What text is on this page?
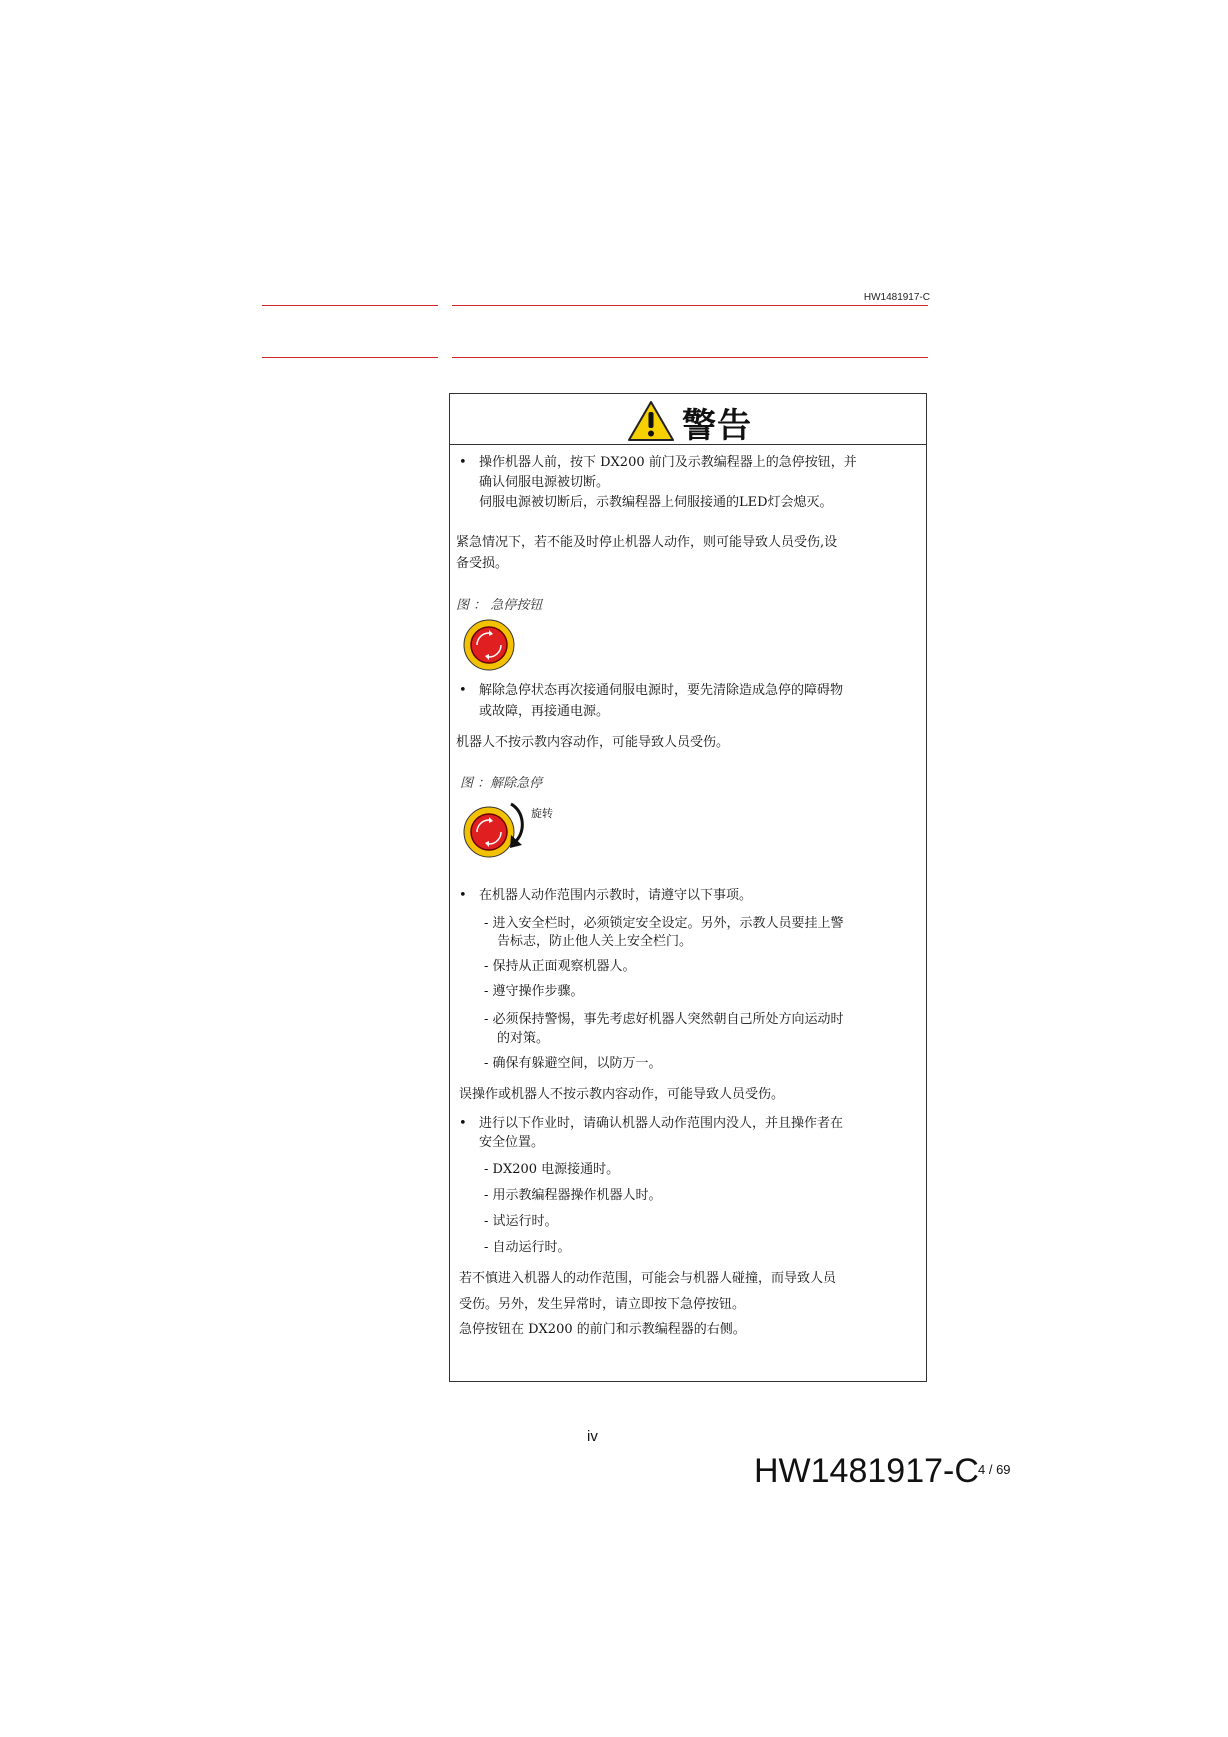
HW1481917-C
警告
• 操作机器人前，按下 DX200 前门及示教编程器上的急停按钮，并
确认伺服电源被切断。
伺服电源被切断后，示教编程器上伺服接通的LED灯会熄灭。
紧急情况下，若不能及时停止机器人动作，则可能导致人员受伤,设
备受损。
图 ： 急停按钮
• 解除急停状态再次接通伺服电源时，要先清除造成急停的障碍物
或故障，再接通电源。
机器人不按示教内容动作，可能导致人员受伤。
图 ：解除急停
旋转
• 在机器人动作范围内示教时，请遵守以下事项。
- 进入安全栏时，必须锁定安全设定。另外，示教人员要挂上警
告标志，防止他人关上安全栏门。
- 保持从正面观察机器人。
- 遵守操作步骤。
- 必须保持警惕，事先考虑好机器人突然朝自己所处方向运动时
的对策。
- 确保有躲避空间，以防万一。
误操作或机器人不按示教内容动作，可能导致人员受伤。
• 进行以下作业时，请确认机器人动作范围内没人，并且操作者在
安全位置。
- DX200 电源接通时。
- 用示教编程器操作机器人时。
- 试运行时。
- 自动运行时。
若不慎进入机器人的动作范围，可能会与机器人碰撞，而导致人员
受伤。另外，发生异常时，请立即按下急停按钮。
急停按钮在 DX200 的前门和示教编程器的右侧。
iv
HW1481917-C 4 / 69
